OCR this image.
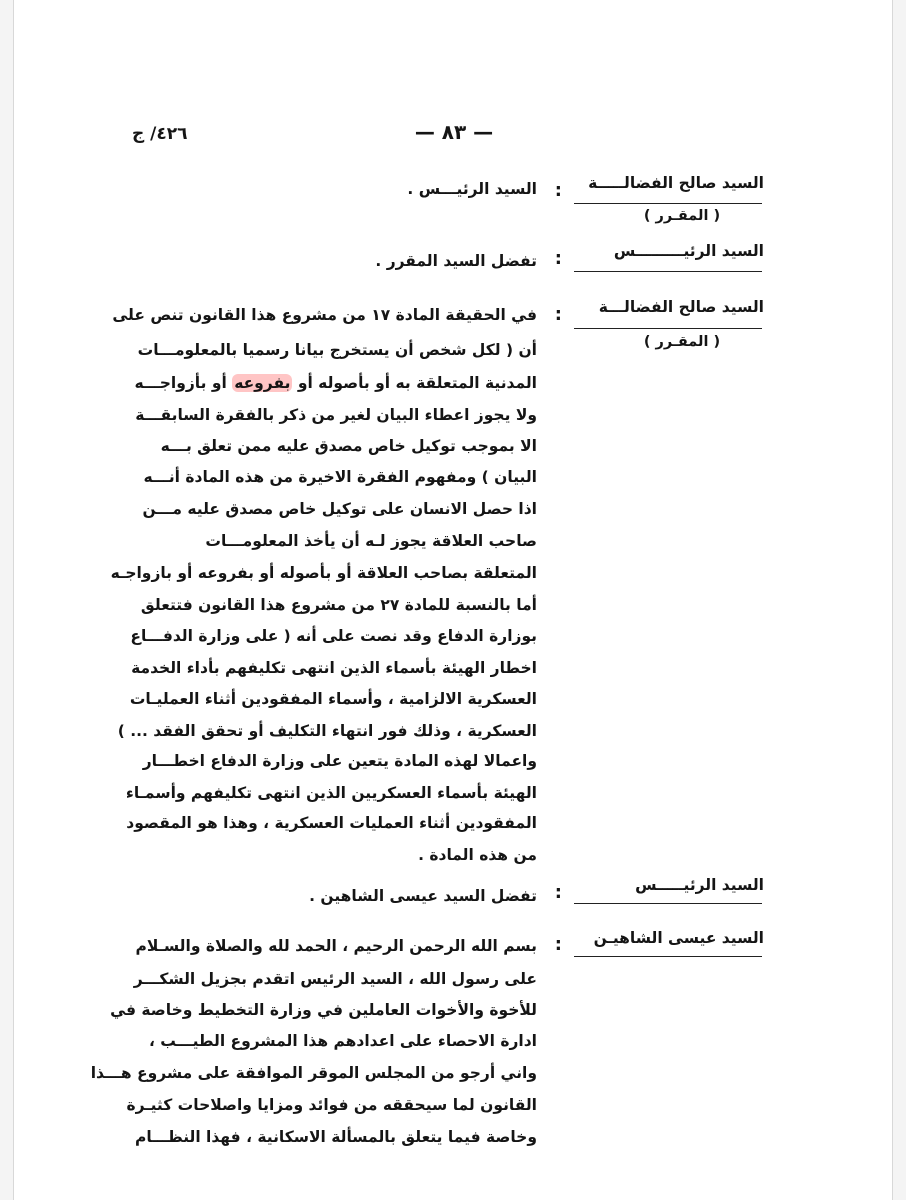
— ٨٣ —
٤٢٦/ ج
السيد صالح الفضالـــــة
( المقـرر )
:
السيد الرئيـــس .
السيد الرئيـــــــــس
:
تفضل السيد المقرر .
السيد صالح الفضالـــة
( المقـرر )
:
في الحقيقة المادة ١٧ من مشروع هذا القانون تنص على
أن ( لكل شخص أن يستخرج بيانا رسميا بالمعلومـــات
المدنية المتعلقة به أو بأصوله أو بفروعه أو بأزواجـــه
ولا يجوز اعطاء البيان لغير من ذكر بالفقرة السابقـــة
الا بموجب توكيل خاص مصدق عليه ممن تعلق بـــه
البيان ) ومفهوم الفقرة الاخيرة من هذه المادة أنـــه
اذا حصل الانسان على توكيل خاص مصدق عليه مـــن
صاحب العلاقة يجوز لـه أن يأخذ المعلومـــات
المتعلقة بصاحب العلاقة أو بأصوله أو بفروعه أو بازواجـه
أما بالنسبة للمادة ٢٧ من مشروع هذا القانون فتتعلق
بوزارة الدفاع وقد نصت على أنه ( على وزارة الدفـــاع
اخطار الهيئة بأسماء الذين انتهى تكليفهم بأداء الخدمة
العسكرية الالزامية ، وأسماء المفقودين أثناء العمليـات
العسكرية ، وذلك فور انتهاء التكليف أو تحقق الفقد ... )
واعمالا لهذه المادة يتعين على وزارة الدفاع اخطـــار
الهيئة بأسماء العسكريين الذين انتهى تكليفهم وأسمـاء
المفقودين أثناء العمليات العسكرية ، وهذا هو المقصود
من هذه المادة .
السيد الرئيـــــس
:
تفضل السيد عيسى الشاهين .
السيد عيسى الشاهيـن
:
بسم الله الرحمن الرحيم ، الحمد لله والصلاة والسـلام
على رسول الله ، السيد الرئيس اتقدم بجزيل الشكـــر
للأخوة والأخوات العاملين في وزارة التخطيط وخاصة في
ادارة الاحصاء على اعدادهم هذا المشروع الطيـــب ،
واني أرجو من المجلس الموقر الموافقة على مشروع هـــذا
القانون لما سيحققه من فوائد ومزايا واصلاحات كثيـرة
وخاصة فيما يتعلق بالمسألة الاسكانية ، فهذا النظـــام
